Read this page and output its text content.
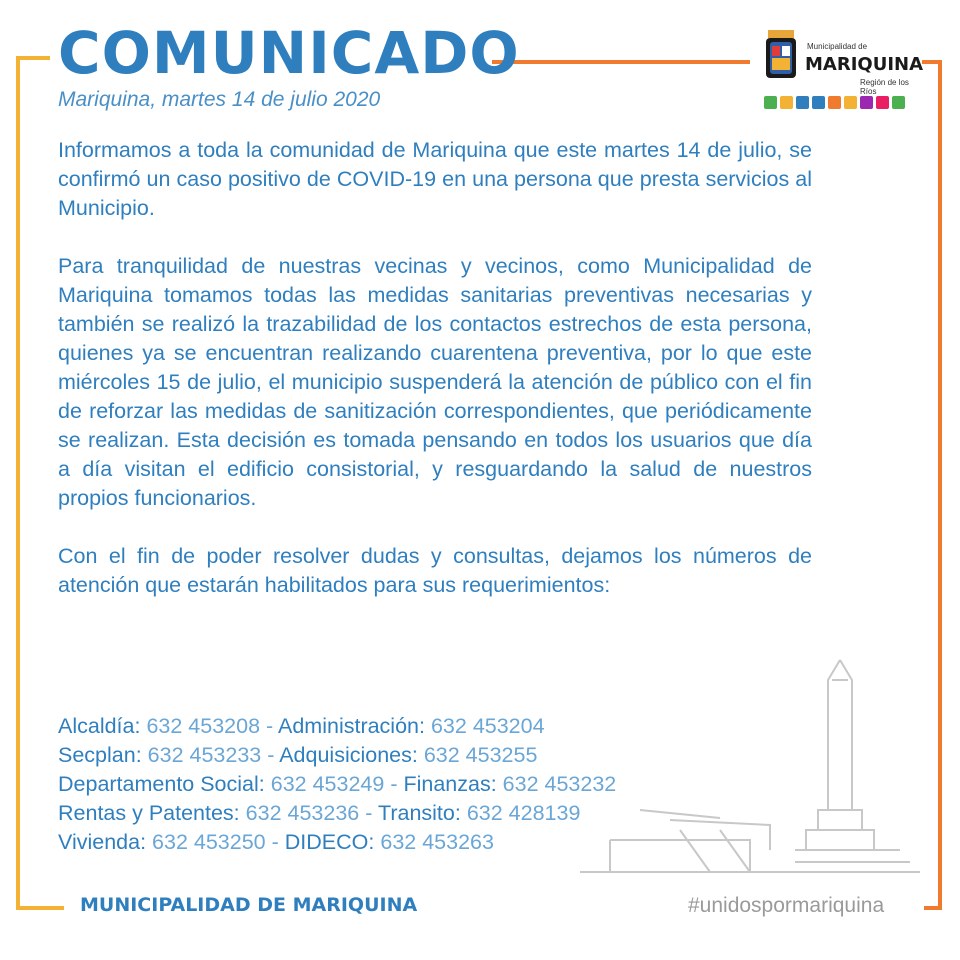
COMUNICADO
Mariquina, martes 14 de julio 2020
Municipalidad de
MARIQUINA
Región de los Ríos

Informamos a toda la comunidad de Mariquina que este martes 14 de julio, se confirmó un caso positivo de COVID-19 en una persona que presta servicios al Municipio.

Para tranquilidad de nuestras vecinas y vecinos, como Municipalidad de Mariquina tomamos todas las medidas sanitarias preventivas necesarias y también se realizó la trazabilidad de los contactos estrechos de esta persona, quienes ya se encuentran realizando cuarentena preventiva, por lo que este miércoles 15 de julio, el municipio suspenderá la atención de público con el fin de reforzar las medidas de sanitización correspondientes, que periódicamente se realizan. Esta decisión es tomada pensando en todos los usuarios que día a día visitan el edificio consistorial, y resguardando la salud de nuestros propios funcionarios.

Con el fin de poder resolver dudas y consultas, dejamos los números de atención que estarán habilitados para sus requerimientos:

Alcaldía: 632 453208 - Administración: 632 453204
Secplan: 632 453233 - Adquisiciones: 632 453255
Departamento Social: 632 453249 - Finanzas: 632 453232
Rentas y Patentes: 632 453236 - Transito: 632 428139
Vivienda: 632 453250 - DIDECO: 632 453263
MUNICIPALIDAD DE MARIQUINA	#unidospormariquina
